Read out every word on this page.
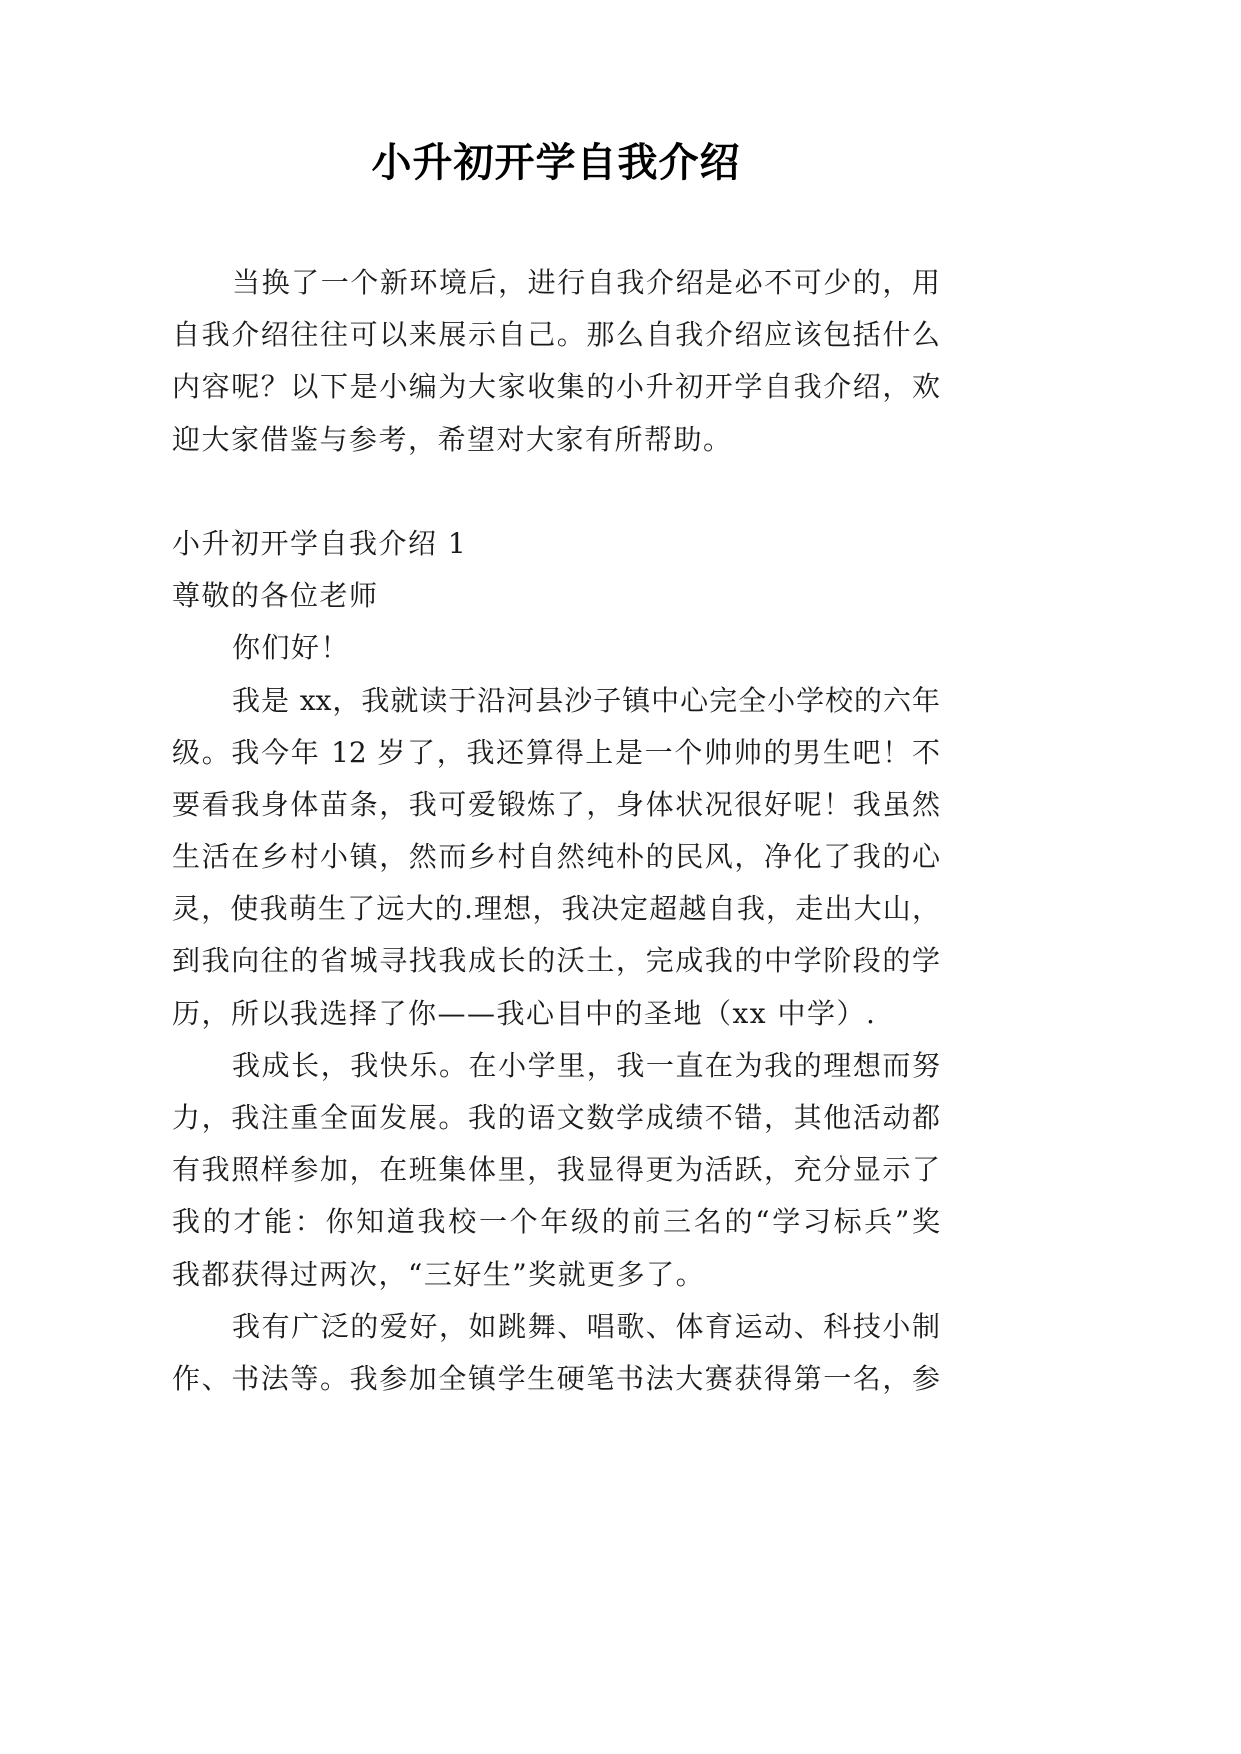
小升初开学自我介绍
当换了一个新环境后，进行自我介绍是必不可少的，用
自我介绍往往可以来展示自己。那么自我介绍应该包括什么
内容呢？以下是小编为大家收集的小升初开学自我介绍，欢
迎大家借鉴与参考，希望对大家有所帮助。
小升初开学自我介绍 1
尊敬的各位老师
你们好！
我是 xx，我就读于沿河县沙子镇中心完全小学校的六年
级。我今年 12 岁了，我还算得上是一个帅帅的男生吧！不
要看我身体苗条，我可爱锻炼了，身体状况很好呢！我虽然
生活在乡村小镇，然而乡村自然纯朴的民风，净化了我的心
灵，使我萌生了远大的.理想，我决定超越自我，走出大山，
到我向往的省城寻找我成长的沃土，完成我的中学阶段的学
历，所以我选择了你——我心目中的圣地（xx 中学）.
我成长，我快乐。在小学里，我一直在为我的理想而努
力，我注重全面发展。我的语文数学成绩不错，其他活动都
有我照样参加，在班集体里，我显得更为活跃，充分显示了
我的才能：你知道我校一个年级的前三名的“学习标兵”奖
我都获得过两次，“三好生”奖就更多了。
我有广泛的爱好，如跳舞、唱歌、体育运动、科技小制
作、书法等。我参加全镇学生硬笔书法大赛获得第一名，参
